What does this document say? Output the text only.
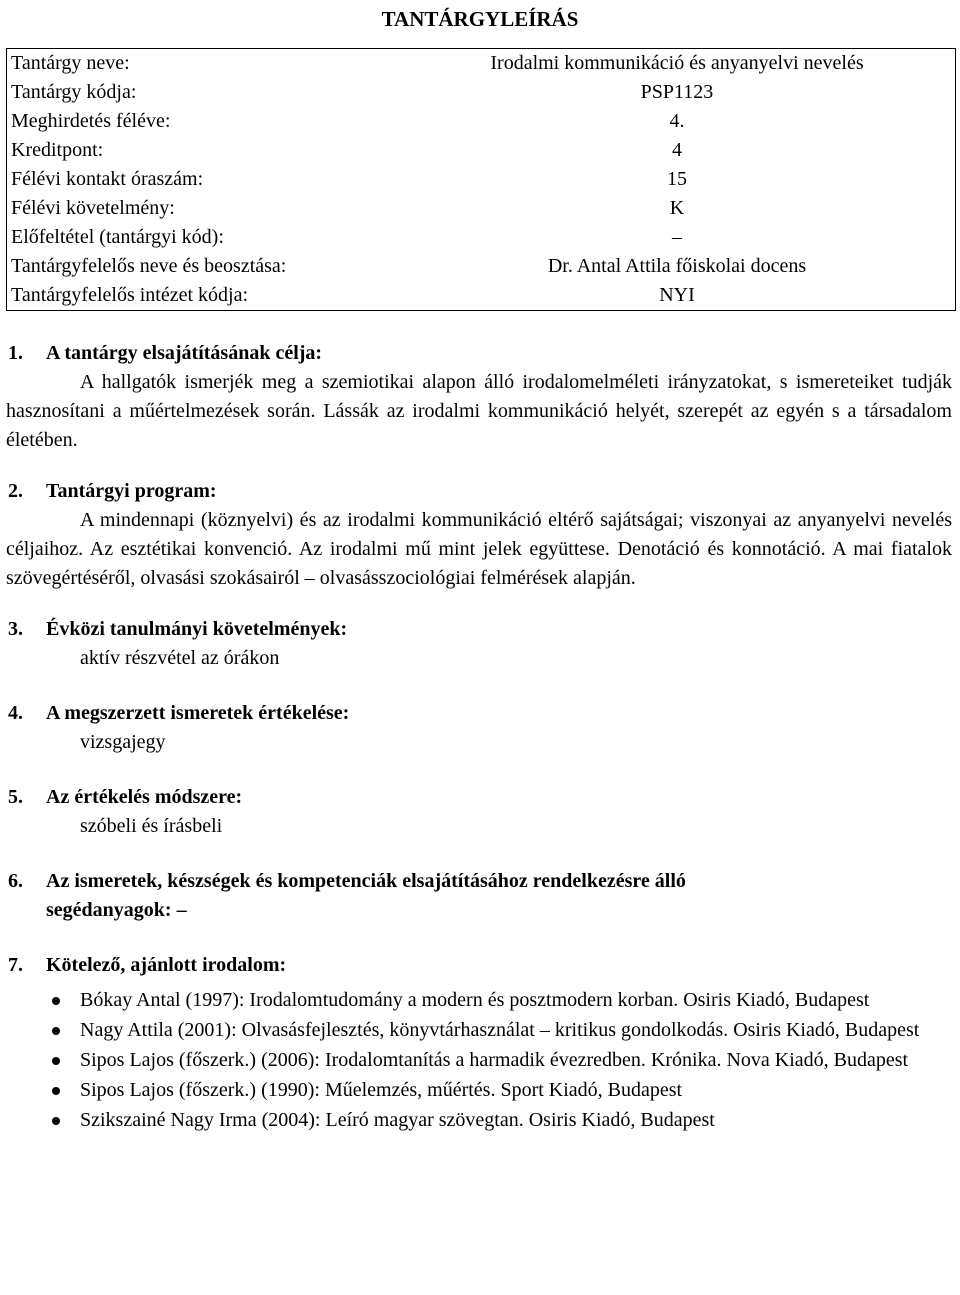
TANTÁRGYLEÍRÁS
Tantárgy neve:	Irodalmi kommunikáció és anyanyelvi nevelés
Tantárgy kódja:	PSP1123
Meghirdetés féléve:	4.
Kreditpont:	4
Félévi kontakt óraszám:	15
Félévi követelmény:	K
Előfeltétel (tantárgyi kód):	–
Tantárgyfelelős neve és beosztása:	Dr. Antal Attila főiskolai docens
Tantárgyfelelős intézet kódja:	NYI

1. A tantárgy elsajátításának célja:

A hallgatók ismerjék meg a szemiotikai alapon álló irodalomelméleti irányzatokat, s ismereteiket tudják hasznosítani a műértelmezések során. Lássák az irodalmi kommunikáció helyét, szerepét az egyén s a társadalom életében.

2. Tantárgyi program:

A mindennapi (köznyelvi) és az irodalmi kommunikáció eltérő sajátságai; viszonyai az anyanyelvi nevelés céljaihoz. Az esztétikai konvenció. Az irodalmi mű mint jelek együttese. Denotáció és konnotáció. A mai fiatalok szövegértéséről, olvasási szokásairól – olvasásszociológiai felmérések alapján.

3. Évközi tanulmányi követelmények:

aktív részvétel az órákon

4. A megszerzett ismeretek értékelése:

vizsgajegy

5. Az értékelés módszere:

szóbeli és írásbeli

6. Az ismeretek, készségek és kompetenciák elsajátításához rendelkezésre álló
segédanyagok: –

7. Kötelező, ajánlott irodalom:

Bókay Antal (1997): Irodalomtudomány a modern és posztmodern korban. Osiris Kiadó, Budapest
Nagy Attila (2001): Olvasásfejlesztés, könyvtárhasználat – kritikus gondolkodás. Osiris Kiadó, Budapest
Sipos Lajos (főszerk.) (2006): Irodalomtanítás a harmadik évezredben. Krónika. Nova Kiadó, Budapest
Sipos Lajos (főszerk.) (1990): Műelemzés, műértés. Sport Kiadó, Budapest
Szikszainé Nagy Irma (2004): Leíró magyar szövegtan. Osiris Kiadó, Budapest
